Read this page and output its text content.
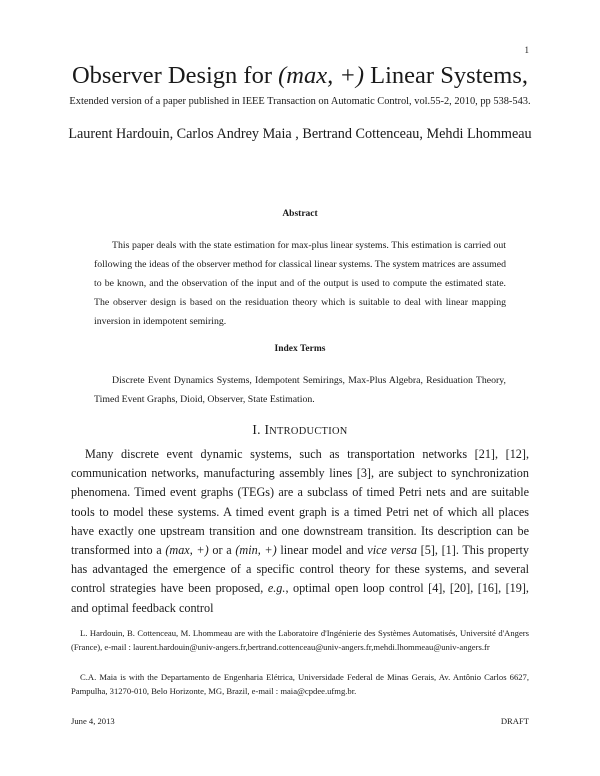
1
Observer Design for (max, +) Linear Systems,
Extended version of a paper published in IEEE Transaction on Automatic Control, vol.55-2, 2010, pp 538-543.
Laurent Hardouin, Carlos Andrey Maia , Bertrand Cottenceau, Mehdi Lhommeau
Abstract

This paper deals with the state estimation for max-plus linear systems. This estimation is carried out following the ideas of the observer method for classical linear systems. The system matrices are assumed to be known, and the observation of the input and of the output is used to compute the estimated state. The observer design is based on the residuation theory which is suitable to deal with linear mapping inversion in idempotent semiring.

Index Terms

Discrete Event Dynamics Systems, Idempotent Semirings, Max-Plus Algebra, Residuation Theory, Timed Event Graphs, Dioid, Observer, State Estimation.

I. INTRODUCTION

Many discrete event dynamic systems, such as transportation networks [21], [12], communication networks, manufacturing assembly lines [3], are subject to synchronization phenomena. Timed event graphs (TEGs) are a subclass of timed Petri nets and are suitable tools to model these systems. A timed event graph is a timed Petri net of which all places have exactly one upstream transition and one downstream transition. Its description can be transformed into a (max, +) or a (min, +) linear model and vice versa [5], [1]. This property has advantaged the emergence of a specific control theory for these systems, and several control strategies have been proposed, e.g., optimal open loop control [4], [20], [16], [19], and optimal feedback control

L. Hardouin, B. Cottenceau, M. Lhommeau are with the Laboratoire d'Ingénierie des Systèmes Automatisés, Université d'Angers (France), e-mail : laurent.hardouin@univ-angers.fr,bertrand.cottenceau@univ-angers.fr,mehdi.lhommeau@univ-angers.fr

C.A. Maia is with the Departamento de Engenharia Elétrica, Universidade Federal de Minas Gerais, Av. Antônio Carlos 6627, Pampulha, 31270-010, Belo Horizonte, MG, Brazil, e-mail : maia@cpdee.ufmg.br.

June 4, 2013	DRAFT
